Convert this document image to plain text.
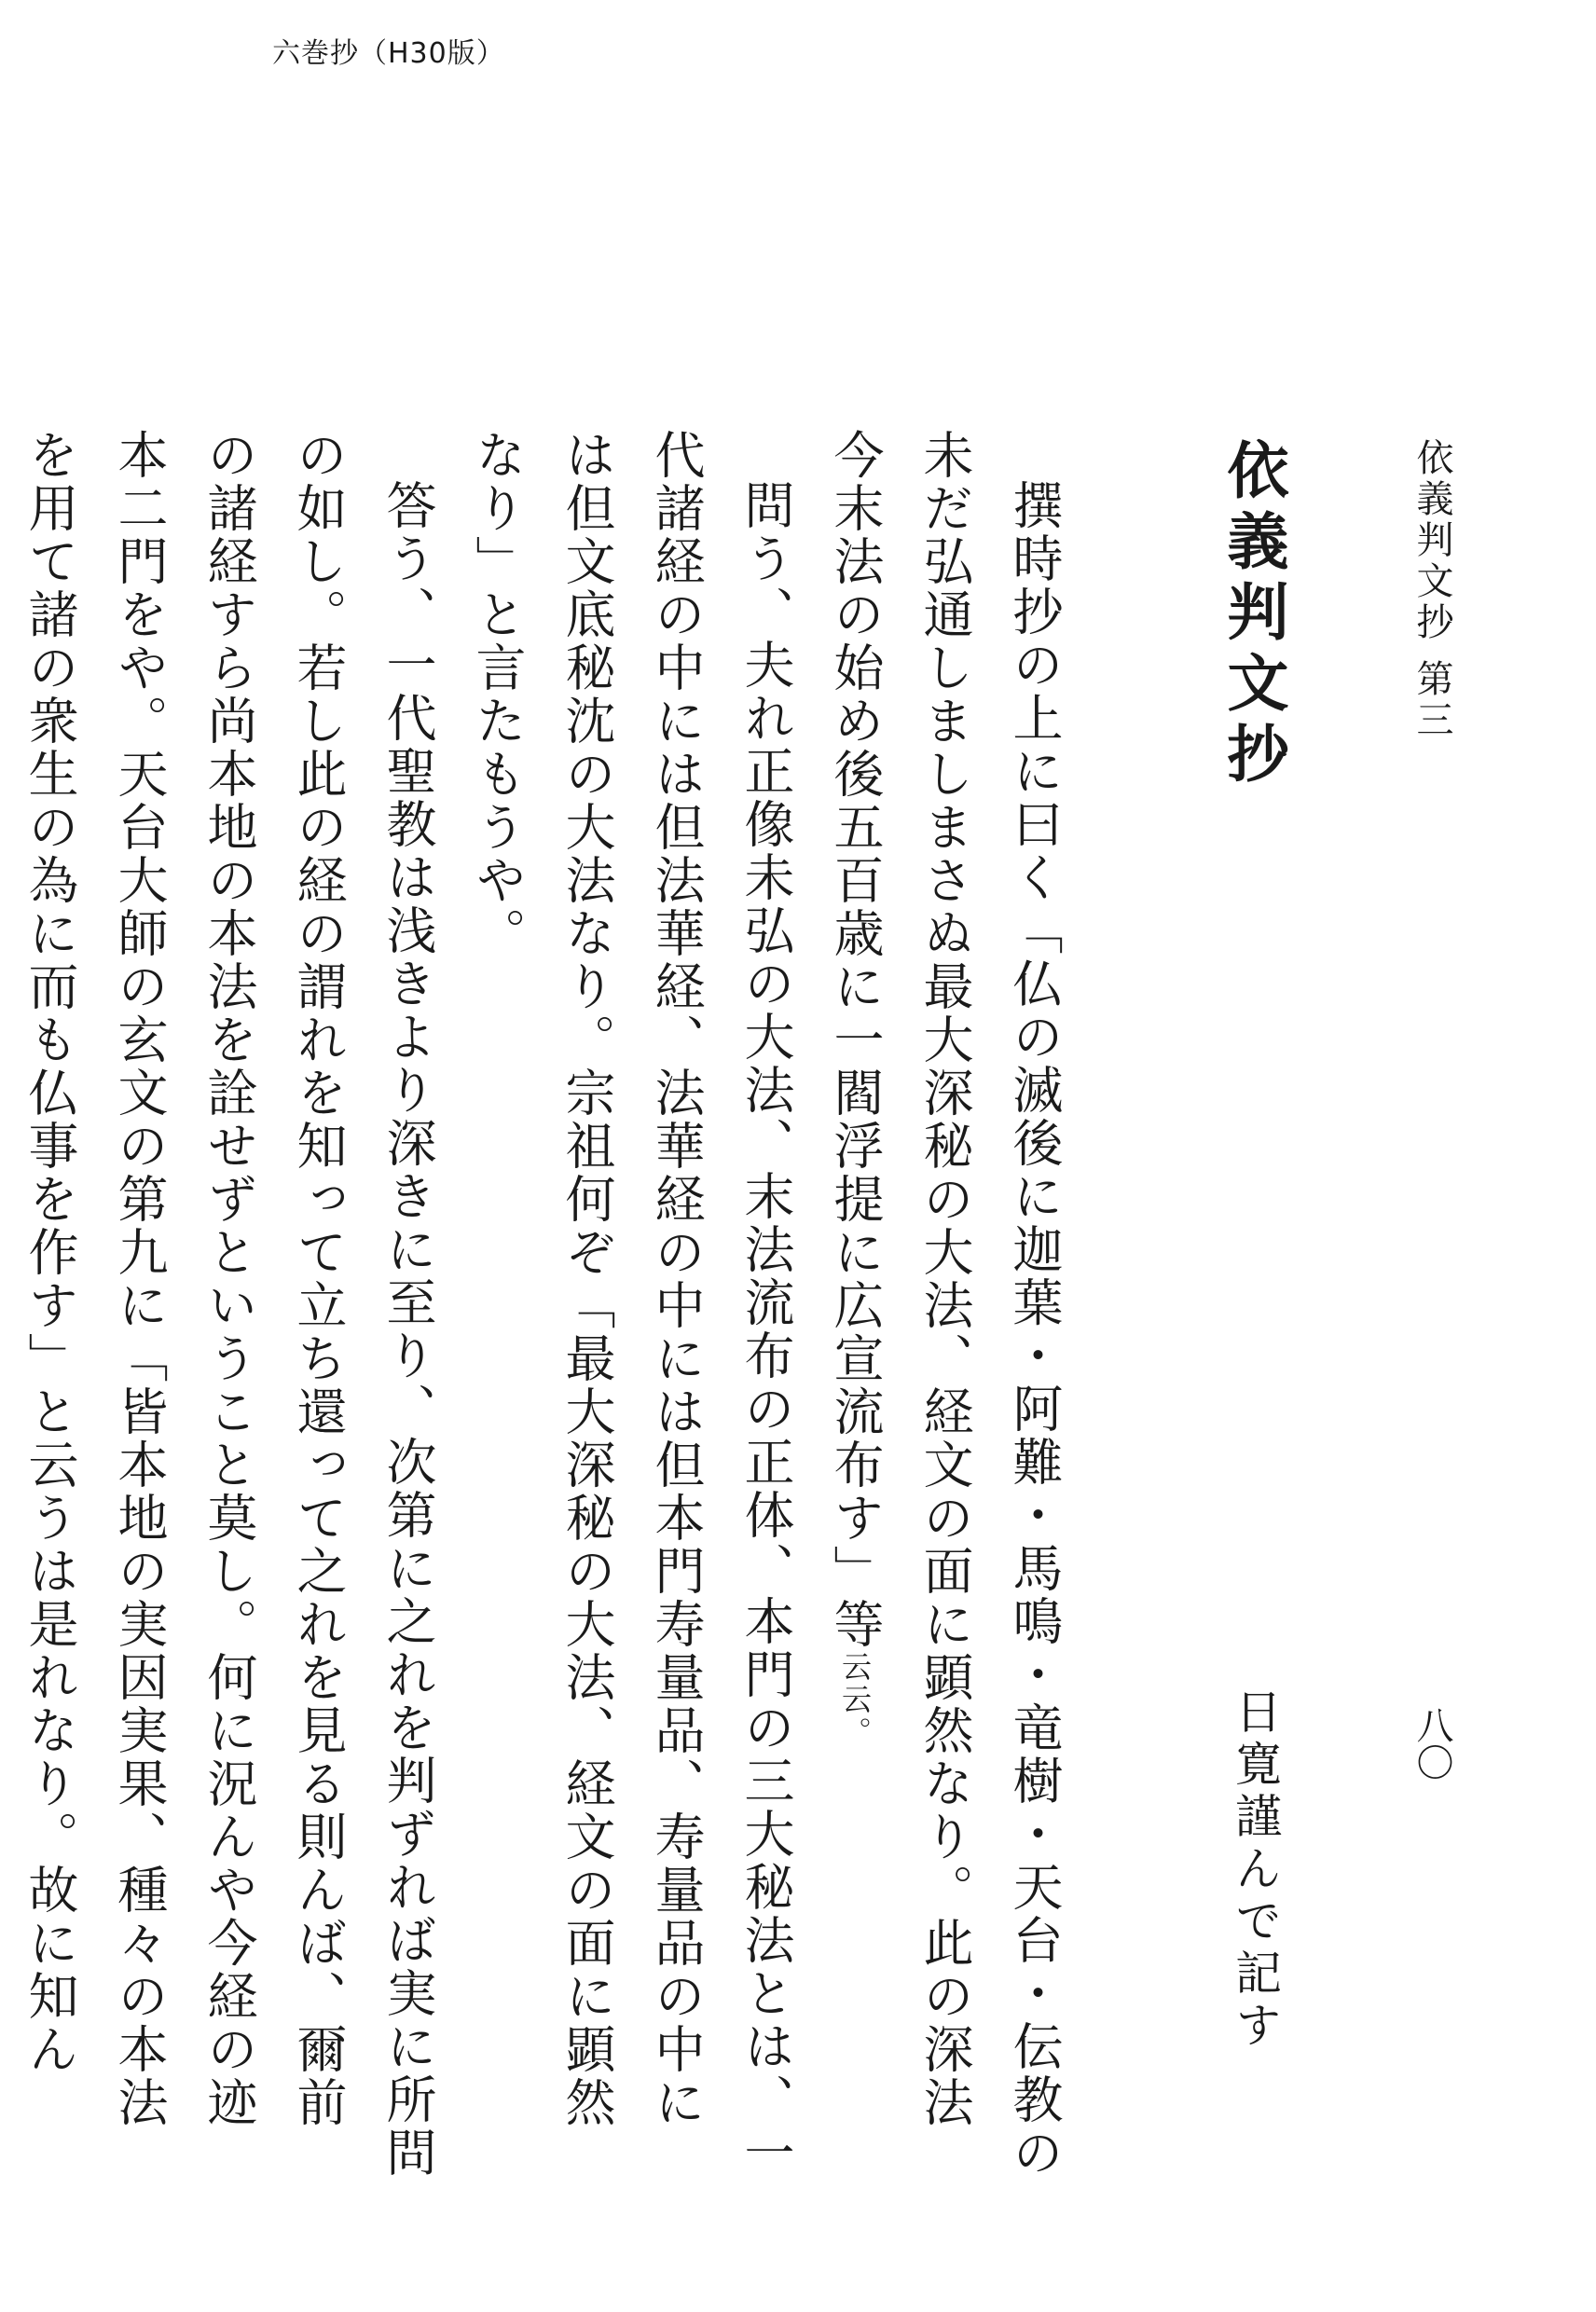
六巻抄（H30版）
依義判文抄 第三
八〇
依義判文抄
日寛謹んで記す

撰時抄の上に曰く「仏の滅後に迦葉・阿難・馬鳴・竜樹・天台・伝教の未だ弘通しましまさぬ最大深秘の大法、経文の面に顕然なり。此の深法今末法の始め後五百歳に一閻浮提に広宣流布す」等云云。

問う、夫れ正像未弘の大法、末法流布の正体、本門の三大秘法とは、一代諸経の中には但法華経、法華経の中には但本門寿量品、寿量品の中には但文底秘沈の大法なり。宗祖何ぞ「最大深秘の大法、経文の面に顕然なり」と言たもうや。

答う、一代聖教は浅きより深きに至り、次第に之れを判ずれば実に所問の如し。若し此の経の謂れを知って立ち還って之れを見る則んば、爾前の諸経すら尚本地の本法を詮せずということ莫し。何に況んや今経の迹本二門をや。天台大師の玄文の第九に「皆本地の実因実果、種々の本法を用て諸の衆生の為に而も仏事を作す」と云うは是れなり。故に知ん
